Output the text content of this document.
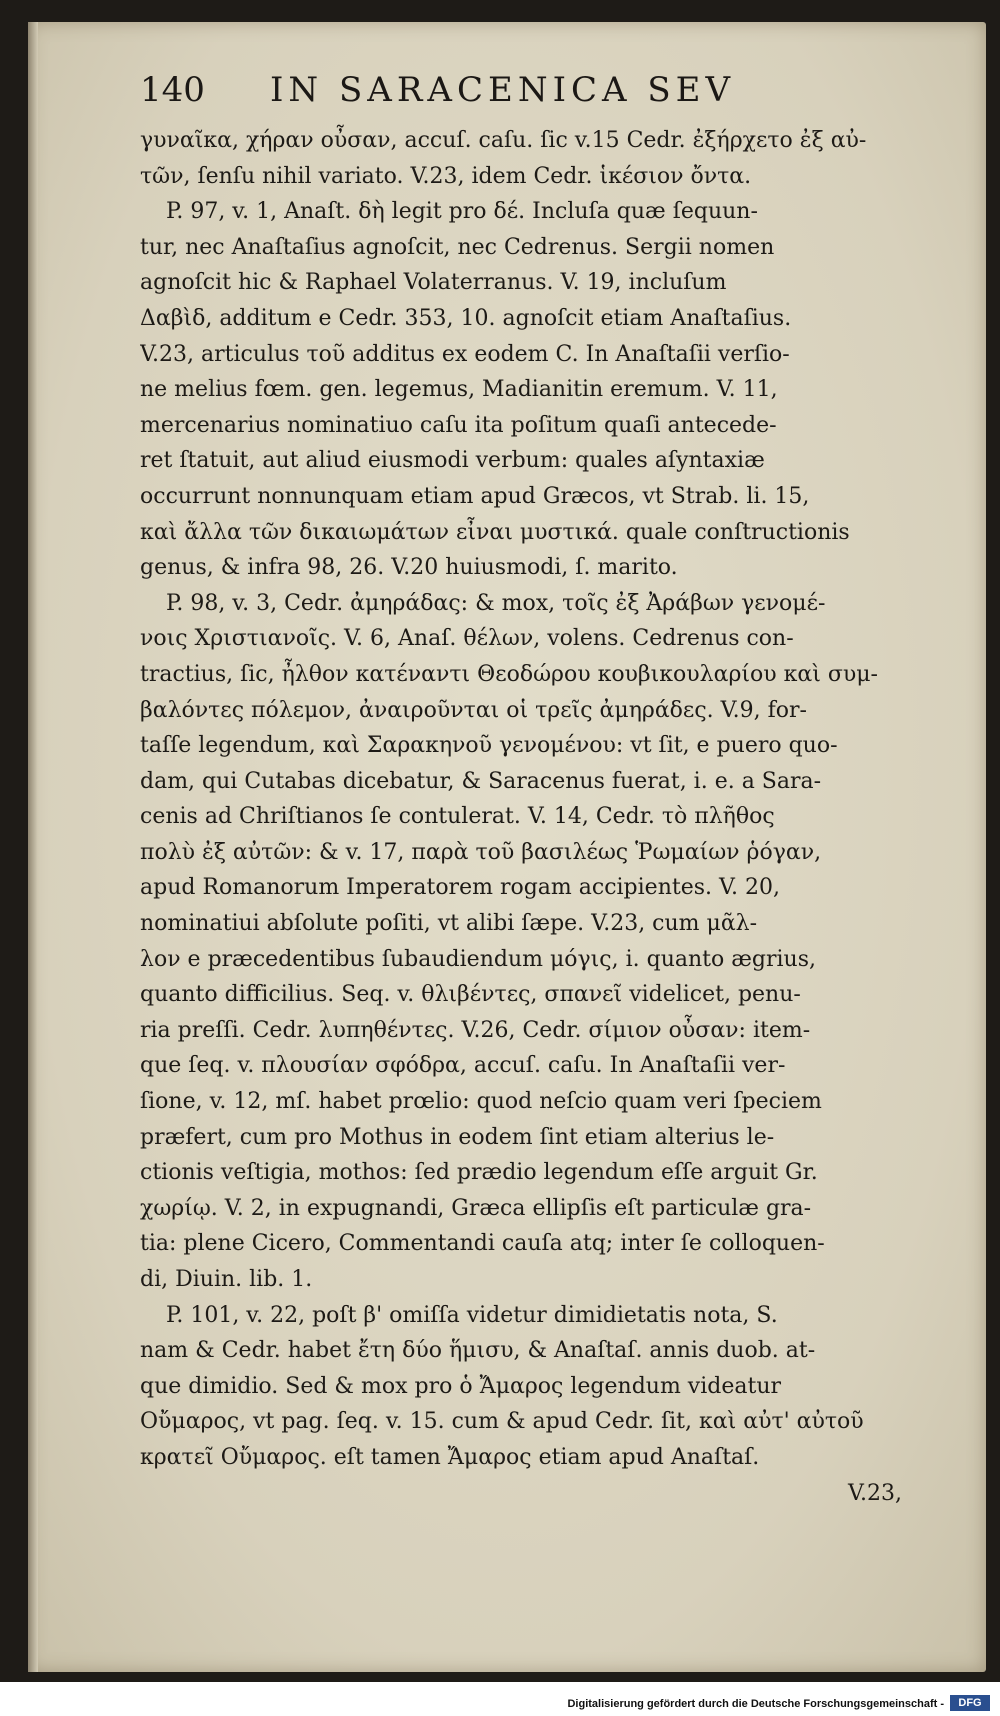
140 IN SARACENICA SEV
γυναῖκα, χήραν οὖσαν, accuſ. caſu. ſic v.15 Cedr. ἐξήρχετο ἐξ αὐ-
τῶν, ſenſu nihil variato. V.23, idem Cedr. ἱκέσιον ὄντα.
P. 97, v. 1, Anaſt. δὴ legit pro δέ. Incluſa quæ ſequun-
tur, nec Anaſtaſius agnoſcit, nec Cedrenus. Sergii nomen
agnoſcit hic & Raphael Volaterranus. V. 19, incluſum
Δαβὶδ, additum e Cedr. 353, 10. agnoſcit etiam Anaſtaſius.
V.23, articulus τοῦ additus ex eodem C. In Anaſtaſii verſio-
ne melius fœm. gen. legemus, Madianitin eremum. V. 11,
mercenarius nominatiuo caſu ita poſitum quaſi antecede-
ret ſtatuit, aut aliud eiusmodi verbum: quales aſyntaxiæ
occurrunt nonnunquam etiam apud Græcos, vt Strab. li. 15,
καὶ ἄλλα τῶν δικαιωμάτων εἶναι μυστικά. quale conſtructionis
genus, & infra 98, 26. V.20 huiusmodi, ſ. marito.
P. 98, v. 3, Cedr. ἀμηράδας: & mox, τοῖς ἐξ Ἀράβων γενομέ-
νοις Χριστιανοῖς. V. 6, Anaſ. θέλων, volens. Cedrenus con-
tractius, ſic, ἦλθον κατέναντι Θεοδώρου κουβικουλαρίου καὶ συμ-
βαλόντες πόλεμον, ἀναιροῦνται οἱ τρεῖς ἀμηράδες. V.9, for-
taſſe legendum, καὶ Σαρακηνοῦ γενομένου: vt ſit, e puero quo-
dam, qui Cutabas dicebatur, & Saracenus fuerat, i. e. a Sara-
cenis ad Chriſtianos ſe contulerat. V. 14, Cedr. τὸ πλῆθος
πολὺ ἐξ αὐτῶν: & v. 17, παρὰ τοῦ βασιλέως Ῥωμαίων ῥόγαν,
apud Romanorum Imperatorem rogam accipientes. V. 20,
nominatiui abſolute poſiti, vt alibi ſæpe. V.23, cum μᾶλ-
λον e præcedentibus ſubaudiendum μόγις, i. quanto ægrius,
quanto difficilius. Seq. v. θλιβέντες, σπανεῖ videlicet, penu-
ria preſſi. Cedr. λυπηθέντες. V.26, Cedr. σίμιον οὖσαν: item-
que ſeq. v. πλουσίαν σφόδρα, accuſ. caſu. In Anaſtaſii ver-
ſione, v. 12, mſ. habet prœlio: quod neſcio quam veri ſpeciem
præfert, cum pro Mothus in eodem ſint etiam alterius le-
ctionis veſtigia, mothos: ſed prædio legendum eſſe arguit Gr.
χωρίῳ. V. 2, in expugnandi, Græca ellipſis eſt particulæ gra-
tia: plene Cicero, Commentandi cauſa atq; inter ſe colloquen-
di, Diuin. lib. 1.
P. 101, v. 22, poſt β' omiſſa videtur dimidietatis nota, S.
nam & Cedr. habet ἔτη δύο ἥμισυ, & Anaſtaſ. annis duob. at-
que dimidio. Sed & mox pro ὁ Ἄμαρος legendum videatur
Οὔμαρος, vt pag. ſeq. v. 15. cum & apud Cedr. ſit, καὶ αὐτ' αὐτοῦ
κρατεῖ Οὔμαρος. eſt tamen Ἄμαρος etiam apud Anaſtaſ.
V.23,
Digitalisierung gefördert durch die Deutsche Forschungsgemeinschaft -	DFG
